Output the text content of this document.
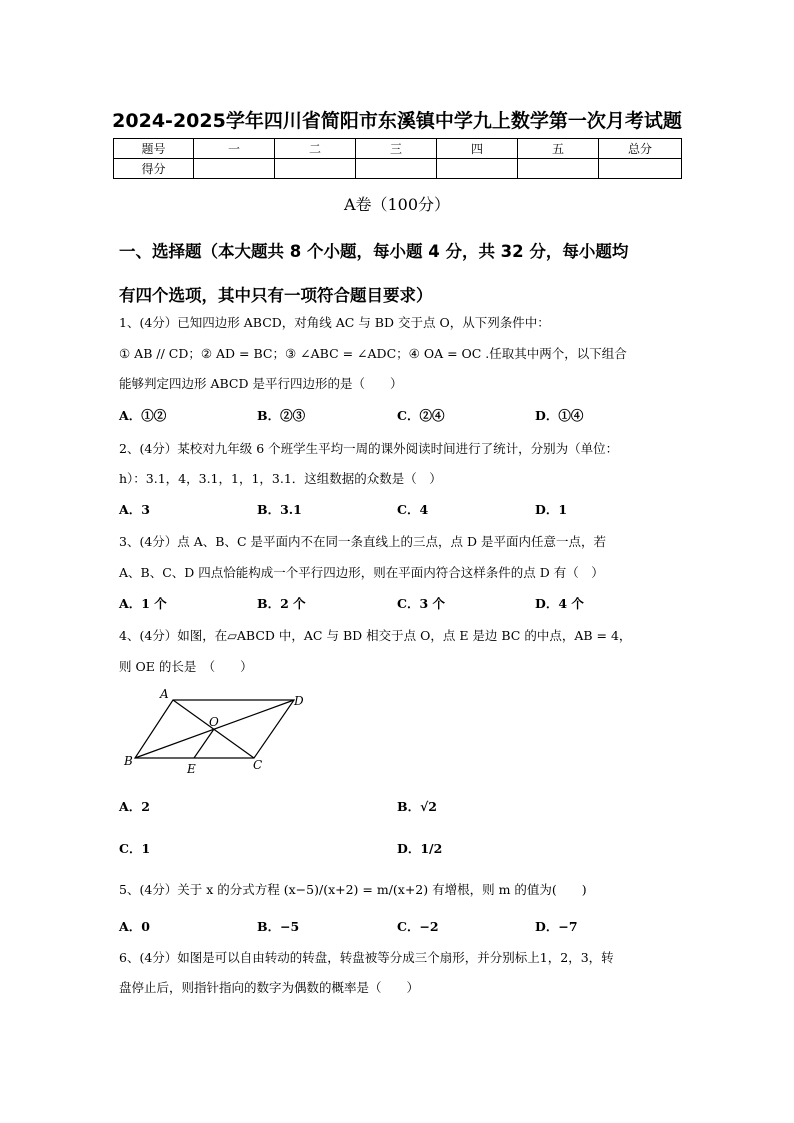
2024-2025学年四川省简阳市东溪镇中学九上数学第一次月考试题
题号	一	二	三	四	五	总分
得分						
A卷（100分）
一、选择题（本大题共 8 个小题，每小题 4 分，共 32 分，每小题均
有四个选项，其中只有一项符合题目要求）
1、(4分）已知四边形 ABCD，对角线 AC 与 BD 交于点 O，从下列条件中：
① AB // CD；② AD = BC；③ ∠ABC = ∠ADC；④ OA = OC .任取其中两个，以下组合
能够判定四边形 ABCD 是平行四边形的是（　　）
A．①②	B．②③	C．②④	D．①④
2、(4分）某校对九年级 6 个班学生平均一周的课外阅读时间进行了统计，分别为（单位：
h）：3.1，4，3.1，1，1，3.1．这组数据的众数是（　）
A．3	B．3.1	C．4	D．1
3、(4分）点 A、B、C 是平面内不在同一条直线上的三点，点 D 是平面内任意一点，若
A、B、C、D 四点恰能构成一个平行四边形，则在平面内符合这样条件的点 D 有（　）
A．1 个	B．2 个	C．3 个	D．4 个
4、(4分）如图，在▱ABCD 中，AC 与 BD 相交于点 O，点 E 是边 BC 的中点，AB = 4，
则 OE 的长是　（　　）
A	D
O
B
E	C
A．2	B．√2
C．1	D．1/2
5、(4分）关于 x 的分式方程 (x−5)/(x+2) = m/(x+2) 有增根，则 m 的值为(　　)
A．0	B．−5	C．−2	D．−7
6、(4分）如图是可以自由转动的转盘，转盘被等分成三个扇形，并分别标上1，2，3，转
盘停止后，则指针指向的数字为偶数的概率是（　　）
